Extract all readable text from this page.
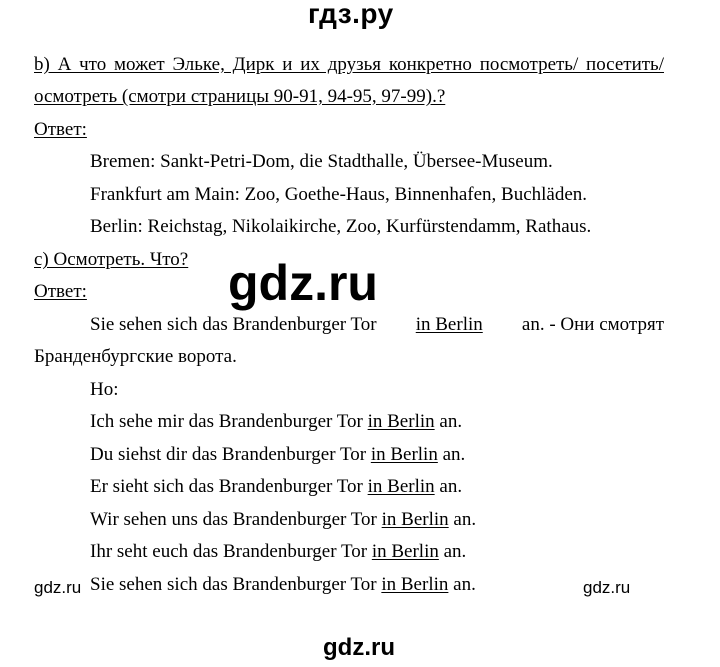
гдз.ру
gdz.ru
gdz.ru
gdz.ru	gdz.ru
b) А что может Эльке, Дирк и их друзья конкретно посмотреть/ посетить/
осмотреть (смотри страницы 90-91, 94-95, 97-99).?
Ответ:
Bremen: Sankt-Petri-Dom, die Stadthalle, Übersee-Museum.
Frankfurt am Main: Zoo, Goethe-Haus, Binnenhafen, Buchläden.
Berlin: Reichstag, Nikolaikirche, Zoo, Kurfürstendamm, Rathaus.
c) Осмотреть. Что?
Ответ:
Sie sehen sich das Brandenburger Tor in Berlin an. - Они смотрят
Бранденбургские ворота.
Но:
Ich sehe mir das Brandenburger Tor in Berlin an.
Du siehst dir das Brandenburger Tor in Berlin an.
Er sieht sich das Brandenburger Tor in Berlin an.
Wir sehen uns das Brandenburger Tor in Berlin an.
Ihr seht euch das Brandenburger Tor in Berlin an.
Sie sehen sich das Brandenburger Tor in Berlin an.
